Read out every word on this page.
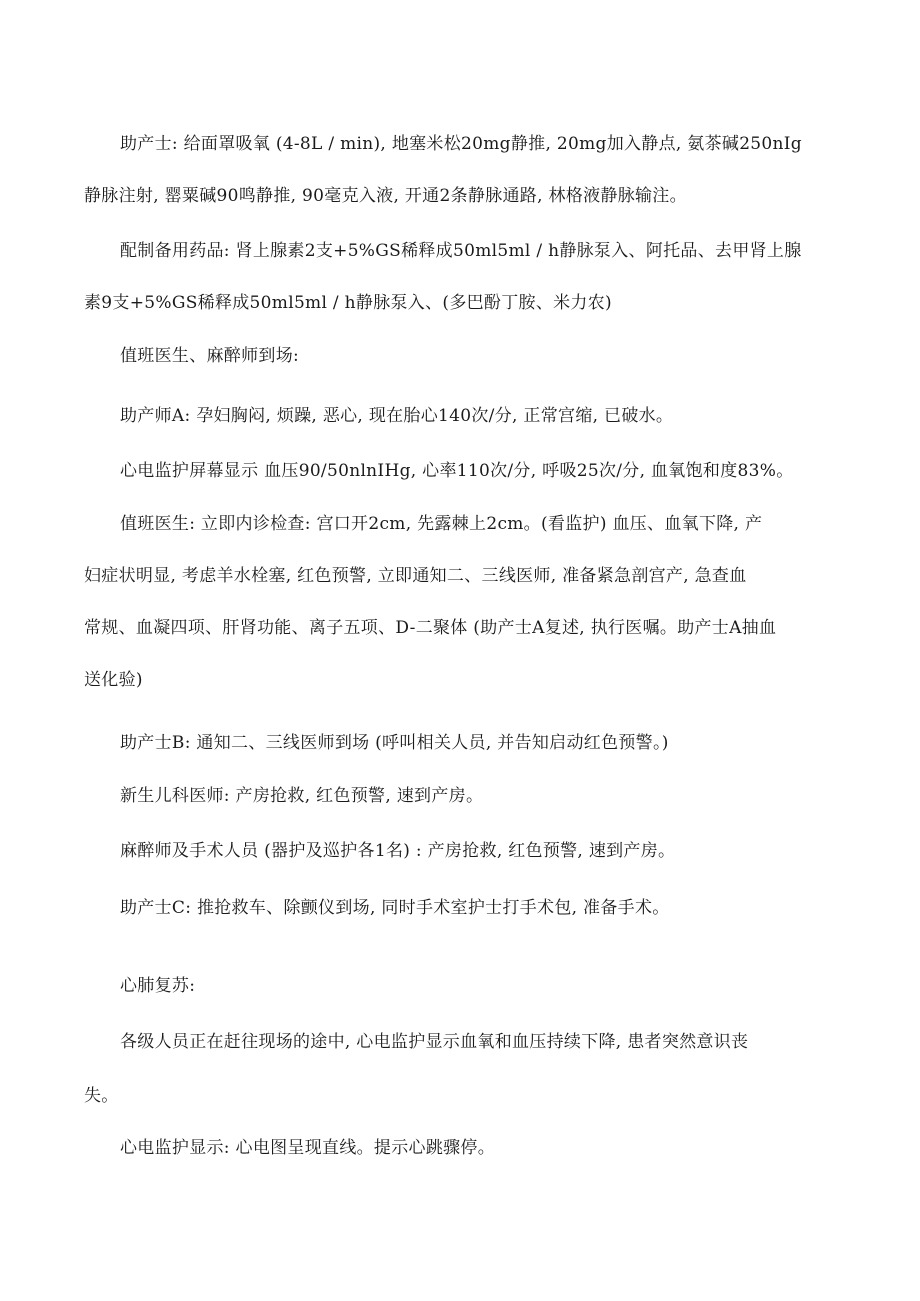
助产士: 给面罩吸氧 (4-8L / min), 地塞米松20mg静推, 20mg加入静点, 氨茶碱250nIg
静脉注射, 罂粟碱90鸣静推, 90毫克入液, 开通2条静脉通路, 林格液静脉输注。
配制备用药品: 肾上腺素2支+5%GS稀释成50ml5ml / h静脉泵入、阿托品、去甲肾上腺
素9支+5%GS稀释成50ml5ml / h静脉泵入、(多巴酚丁胺、米力农)
值班医生、麻醉师到场:
助产师A: 孕妇胸闷, 烦躁, 恶心, 现在胎心140次/分, 正常宫缩, 已破水。
心电监护屏幕显示 血压90/50nlnIHg, 心率110次/分, 呼吸25次/分, 血氧饱和度83%。
值班医生: 立即内诊检查: 宫口开2cm, 先露棘上2cm。(看监护) 血压、血氧下降, 产
妇症状明显, 考虑羊水栓塞, 红色预警, 立即通知二、三线医师, 准备紧急剖宫产, 急查血
常规、血凝四项、肝肾功能、离子五项、D-二聚体 (助产士A复述, 执行医嘱。助产士A抽血
送化验)
助产士B: 通知二、三线医师到场 (呼叫相关人员, 并告知启动红色预警。)
新生儿科医师: 产房抢救, 红色预警, 速到产房。
麻醉师及手术人员 (器护及巡护各1名) : 产房抢救, 红色预警, 速到产房。
助产士C: 推抢救车、除颤仪到场, 同时手术室护士打手术包, 准备手术。
心肺复苏:
各级人员正在赶往现场的途中, 心电监护显示血氧和血压持续下降, 患者突然意识丧
失。
心电监护显示: 心电图呈现直线。提示心跳骤停。
